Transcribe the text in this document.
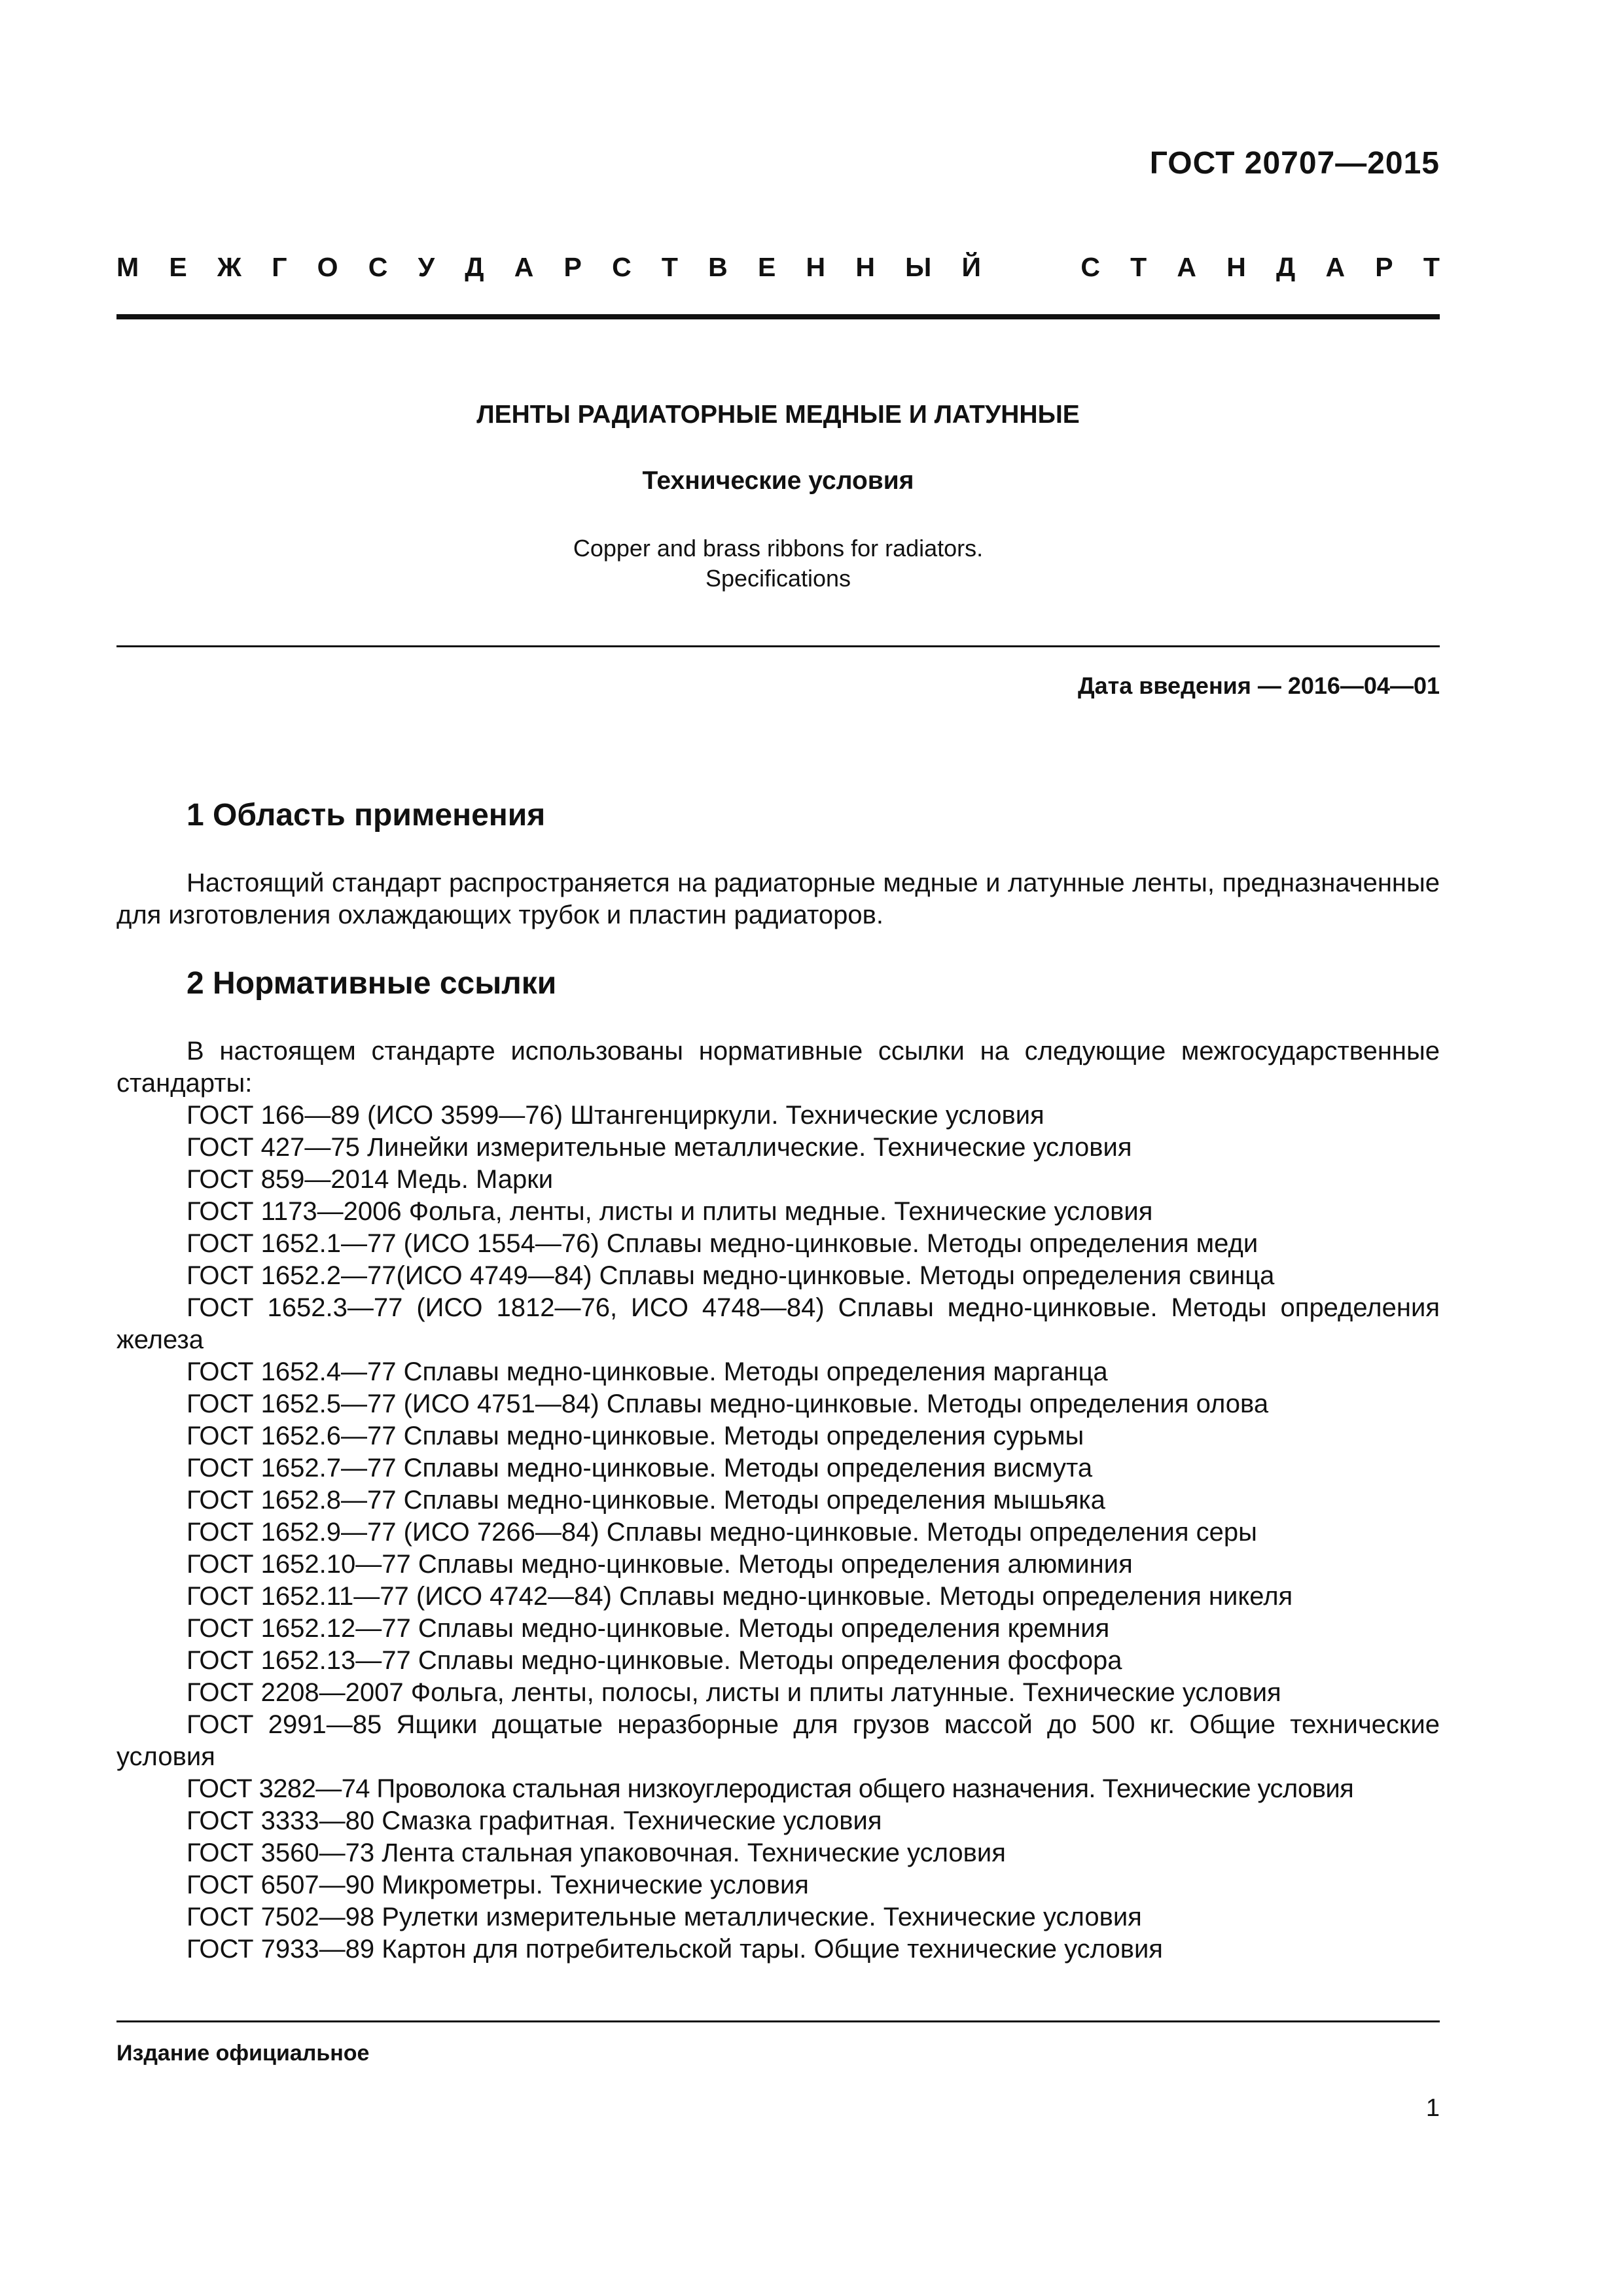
ГОСТ 20707—2015
М Е Ж Г О С У Д А Р С Т В Е Н Н Ы Й	С Т А Н Д А Р Т
ЛЕНТЫ РАДИАТОРНЫЕ МЕДНЫЕ И ЛАТУННЫЕ
Технические условия
Copper and brass ribbons for radiators.
Specifications
Дата введения — 2016—04—01
1 Область применения
Настоящий стандарт распространяется на радиаторные медные и латунные ленты, предназначенные для изготовления охлаждающих трубок и пластин радиаторов.
2 Нормативные ссылки
В настоящем стандарте использованы нормативные ссылки на следующие межгосударственные стандарты:
ГОСТ 166—89 (ИСО 3599—76) Штангенциркули. Технические условия
ГОСТ 427—75 Линейки измерительные металлические. Технические условия
ГОСТ 859—2014 Медь. Марки
ГОСТ 1173—2006 Фольга, ленты, листы и плиты медные. Технические условия
ГОСТ 1652.1—77 (ИСО 1554—76) Сплавы медно-цинковые. Методы определения меди
ГОСТ 1652.2—77(ИСО 4749—84) Сплавы медно-цинковые. Методы определения свинца
ГОСТ 1652.3—77 (ИСО 1812—76, ИСО 4748—84) Сплавы медно-цинковые. Методы определения железа
ГОСТ 1652.4—77 Сплавы медно-цинковые. Методы определения марганца
ГОСТ 1652.5—77 (ИСО 4751—84) Сплавы медно-цинковые. Методы определения олова
ГОСТ 1652.6—77 Сплавы медно-цинковые. Методы определения сурьмы
ГОСТ 1652.7—77 Сплавы медно-цинковые. Методы определения висмута
ГОСТ 1652.8—77 Сплавы медно-цинковые. Методы определения мышьяка
ГОСТ 1652.9—77 (ИСО 7266—84) Сплавы медно-цинковые. Методы определения серы
ГОСТ 1652.10—77 Сплавы медно-цинковые. Методы определения алюминия
ГОСТ 1652.11—77 (ИСО 4742—84) Сплавы медно-цинковые. Методы определения никеля
ГОСТ 1652.12—77 Сплавы медно-цинковые. Методы определения кремния
ГОСТ 1652.13—77 Сплавы медно-цинковые. Методы определения фосфора
ГОСТ 2208—2007 Фольга, ленты, полосы, листы и плиты латунные. Технические условия
ГОСТ 2991—85 Ящики дощатые неразборные для грузов массой до 500 кг. Общие технические условия
ГОСТ 3282—74 Проволока стальная низкоуглеродистая общего назначения. Технические условия
ГОСТ 3333—80 Смазка графитная. Технические условия
ГОСТ 3560—73 Лента стальная упаковочная. Технические условия
ГОСТ 6507—90 Микрометры. Технические условия
ГОСТ 7502—98 Рулетки измерительные металлические. Технические условия
ГОСТ 7933—89 Картон для потребительской тары. Общие технические условия
Издание официальное
1
